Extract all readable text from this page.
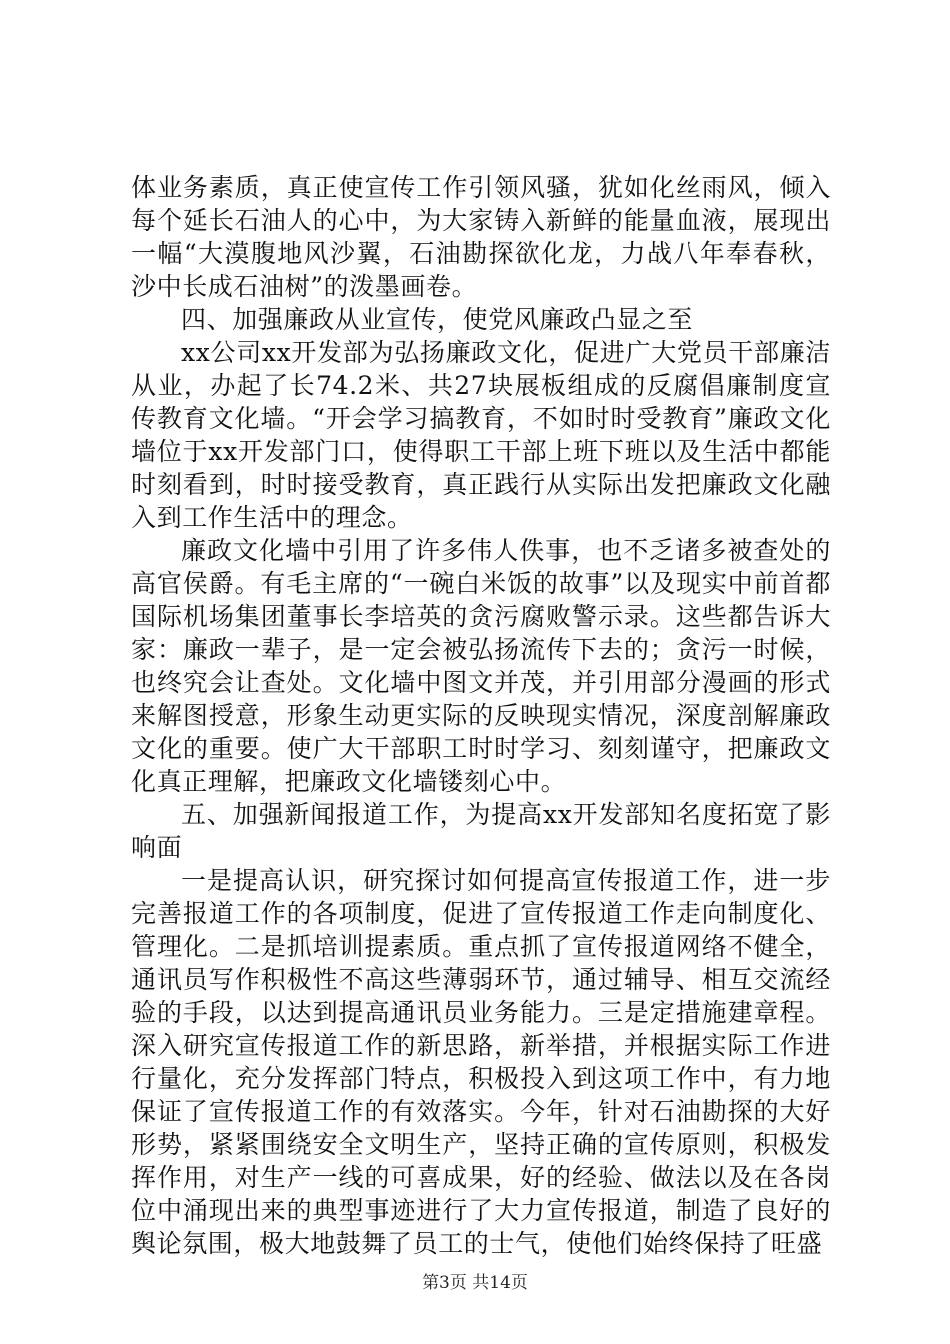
体业务素质，真正使宣传工作引领风骚，犹如化丝雨风，倾入每个延长石油人的心中，为大家铸入新鲜的能量血液，展现出一幅“大漠腹地风沙翼，石油勘探欲化龙，力战八年奉春秋，沙中长成石油树”的泼墨画卷。

四、加强廉政从业宣传，使党风廉政凸显之至

xx公司xx开发部为弘扬廉政文化，促进广大党员干部廉洁从业，办起了长74.2米、共27块展板组成的反腐倡廉制度宣传教育文化墙。“开会学习搞教育，不如时时受教育”廉政文化墙位于xx开发部门口，使得职工干部上班下班以及生活中都能时刻看到，时时接受教育，真正践行从实际出发把廉政文化融入到工作生活中的理念。

廉政文化墙中引用了许多伟人佚事，也不乏诸多被查处的高官侯爵。有毛主席的“一碗白米饭的故事”以及现实中前首都国际机场集团董事长李培英的贪污腐败警示录。这些都告诉大家：廉政一辈子，是一定会被弘扬流传下去的；贪污一时候，也终究会让查处。文化墙中图文并茂，并引用部分漫画的形式来解图授意，形象生动更实际的反映现实情况，深度剖解廉政文化的重要。使广大干部职工时时学习、刻刻谨守，把廉政文化真正理解，把廉政文化墙镂刻心中。

五、加强新闻报道工作，为提高xx开发部知名度拓宽了影响面

一是提高认识，研究探讨如何提高宣传报道工作，进一步完善报道工作的各项制度，促进了宣传报道工作走向制度化、管理化。二是抓培训提素质。重点抓了宣传报道网络不健全，通讯员写作积极性不高这些薄弱环节，通过辅导、相互交流经验的手段，以达到提高通讯员业务能力。三是定措施建章程。深入研究宣传报道工作的新思路，新举措，并根据实际工作进行量化，充分发挥部门特点，积极投入到这项工作中，有力地保证了宣传报道工作的有效落实。今年，针对石油勘探的大好形势，紧紧围绕安全文明生产，坚持正确的宣传原则，积极发挥作用，对生产一线的可喜成果，好的经验、做法以及在各岗位中涌现出来的典型事迹进行了大力宣传报道，制造了良好的舆论氛围，极大地鼓舞了员工的士气，使他们始终保持了旺盛

第3页 共14页
